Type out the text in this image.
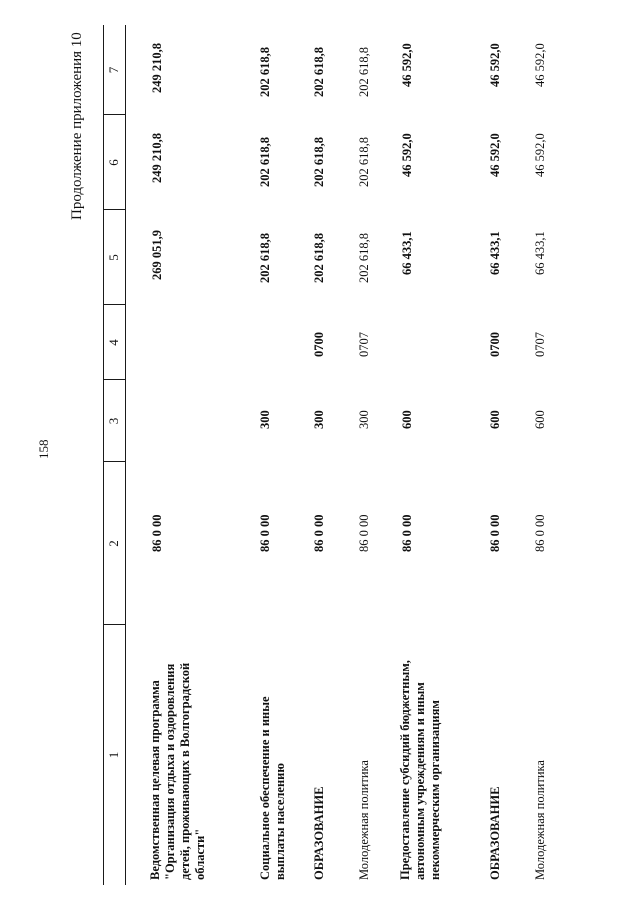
158
Продолжение приложения 10
1
2
3
4
5
6
7
Ведомственная целевая программа "Организация отдыха и оздоровления детей, проживающих в Волгоградской области"
86 0 00
269 051,9
249 210,8
249 210,8
Социальное обеспечение и иные выплаты населению
86 0 00
300
202 618,8
202 618,8
202 618,8
ОБРАЗОВАНИЕ
86 0 00
300
0700
202 618,8
202 618,8
202 618,8
Молодежная политика
86 0 00
300
0707
202 618,8
202 618,8
202 618,8
Предоставление субсидий бюджетным, автономным учреждениям и иным некоммерческим организациям
86 0 00
600
66 433,1
46 592,0
46 592,0
ОБРАЗОВАНИЕ
86 0 00
600
0700
66 433,1
46 592,0
46 592,0
Молодежная политика
86 0 00
600
0707
66 433,1
46 592,0
46 592,0
